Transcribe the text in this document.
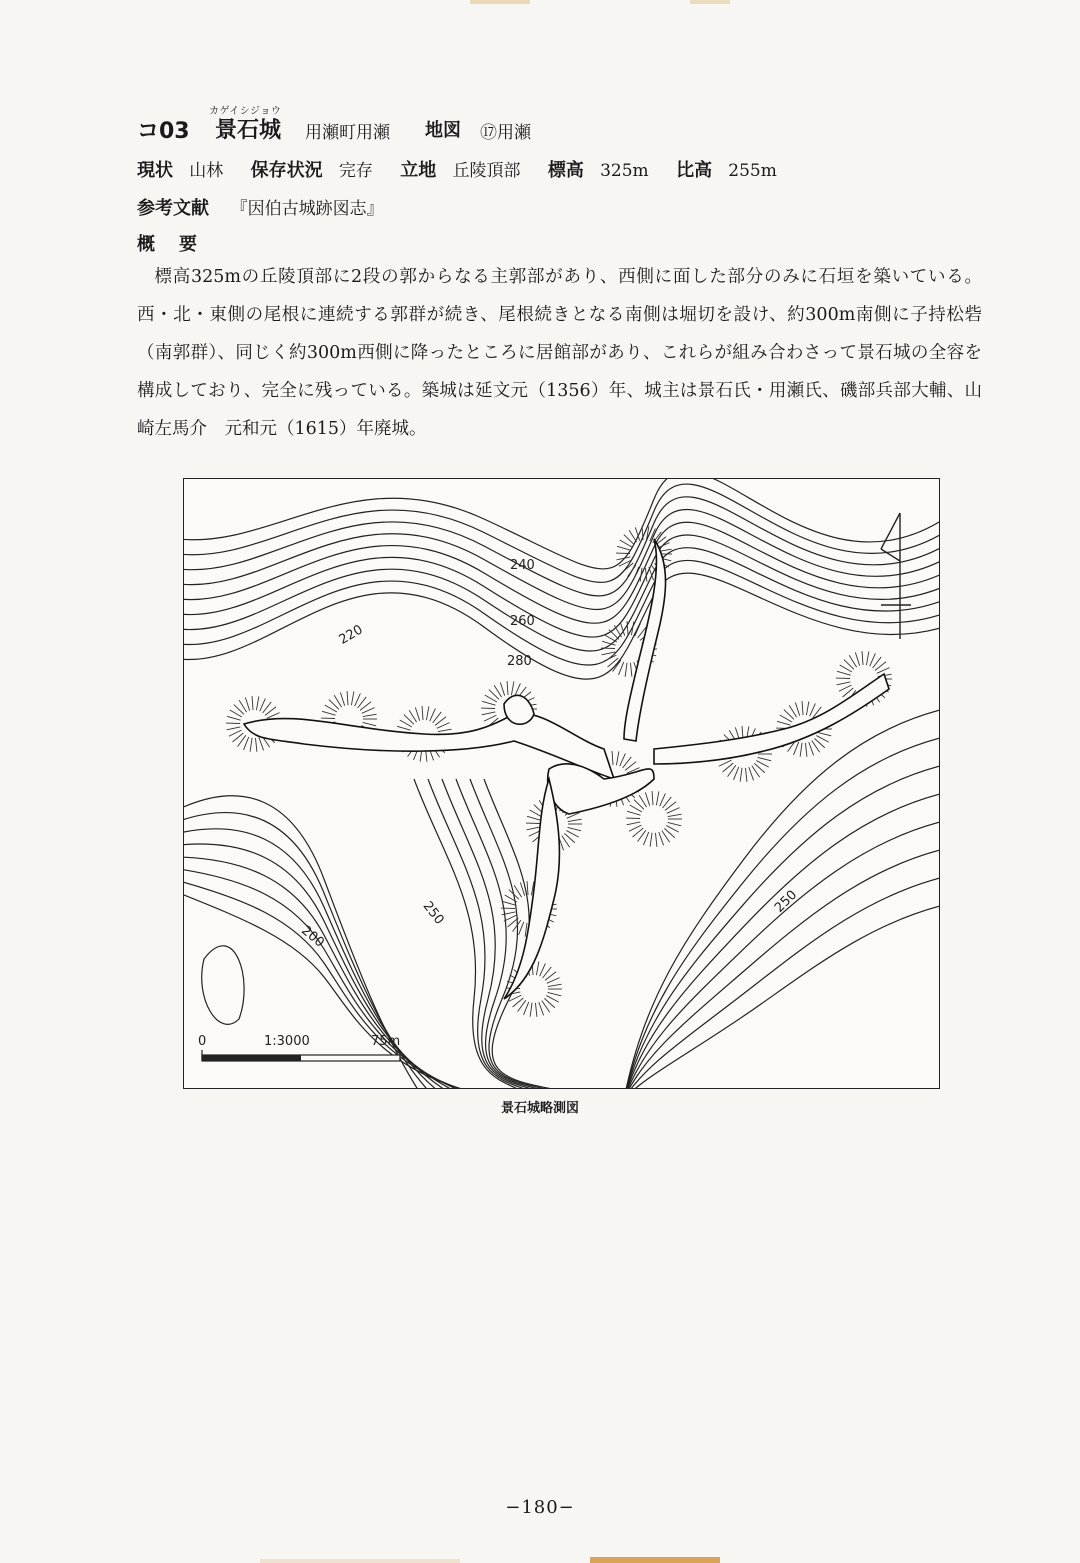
コ03
カゲイシジョウ
景石城 用瀬町用瀬 地図 ⑰用瀬
現状 山林 保存状況 完存 立地 丘陵頂部 標高 325m 比高 255m
参考文献 『因伯古城跡図志』
概要

標高325mの丘陵頂部に2段の郭からなる主郭部があり、西側に面した部分のみに石垣を築いている。西・北・東側の尾根に連続する郭群が続き、尾根続きとなる南側は堀切を設け、約300m南側に子持松砦（南郭群）、同じく約300m西側に降ったところに居館部があり、これらが組み合わさって景石城の全容を構成しており、完全に残っている。築城は延文元（1356）年、城主は景石氏・用瀬氏、磯部兵部大輔、山崎左馬介　元和元（1615）年廃城。

240
260
280
220
250
200
250
0	1:3000	75m
景石城略測図
−180−
